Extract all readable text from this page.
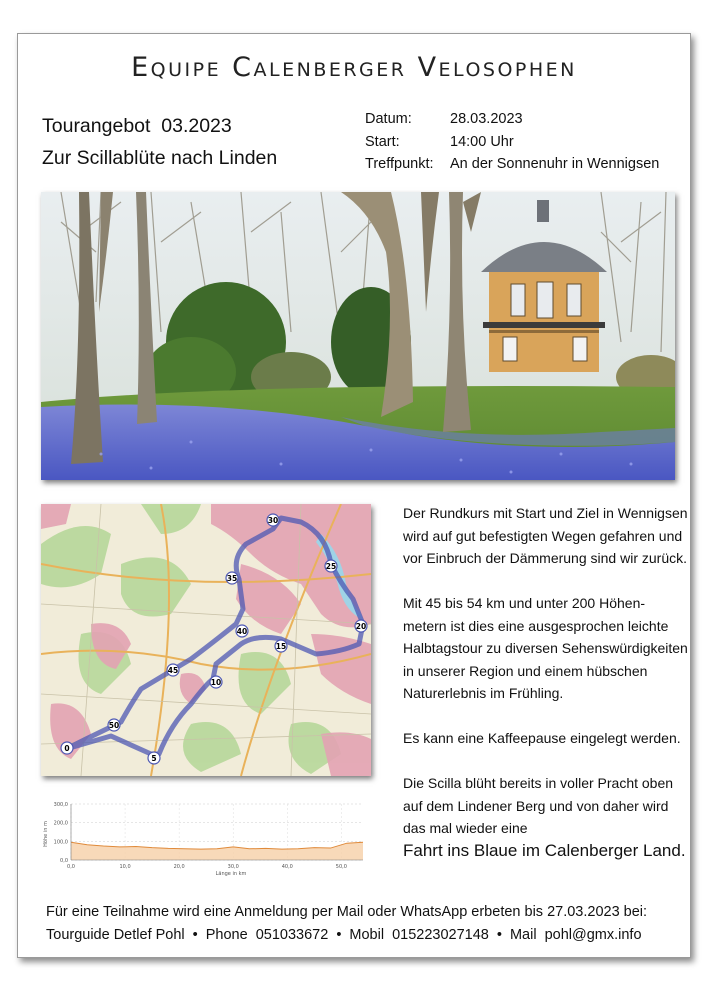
Equipe Calenberger Velosophen
Tourangebot  03.2023
Zur Scillablüte nach Linden
Datum:	28.03.2023
Start:	14:00 Uhr
Treffpunkt:	An der Sonnenuhr in Wennigsen
0
5
10
15
20
25
30
35
40
45
50
Höhe in m
Länge in km
0,0
100,0
200,0
300,0
0,0	10,0	20,0	30,0	40,0	50,0

Der Rundkurs mit Start und Ziel in Wennigsen wird auf gut befestigten Wegen gefahren und vor Einbruch der Dämmerung sind wir zurück.

Mit 45 bis 54 km und unter 200 Höhen-metern ist dies eine ausgesprochen leichte Halbtagstour zu diversen Sehenswürdigkeiten in unserer Region und einem hübschen Naturerlebnis im Frühling.

Es kann eine Kaffeepause eingelegt werden.

Die Scilla blüht bereits in voller Pracht oben auf dem Lindener Berg und von daher wird das mal wieder eine

Fahrt ins Blaue im Calenberger Land.
Für eine Teilnahme wird eine Anmeldung per Mail oder WhatsApp erbeten bis 27.03.2023 bei:
Tourguide Detlef Pohl • Phone  051033672 • Mobil  015223027148 • Mail  pohl@gmx.info
